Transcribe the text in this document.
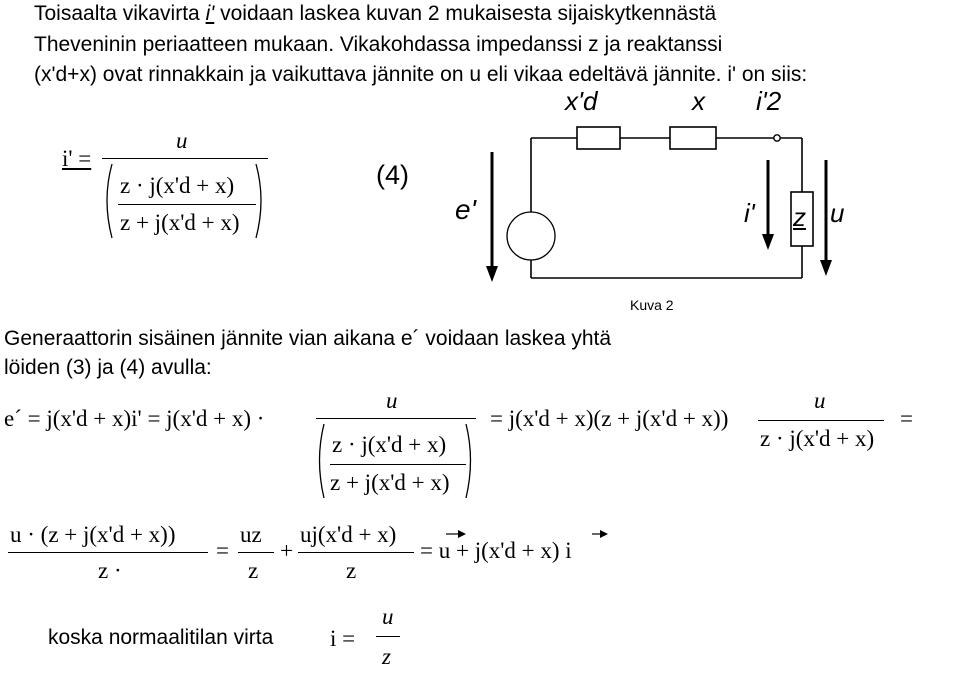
Toisaalta vikavirta i' voidaan laskea kuvan 2 mukaisesta sijaiskytkennästä
Theveninin periaatteen mukaan. Vikakohdassa impedanssi z ja reaktanssi
(x'd+x) ovat rinnakkain ja vaikuttava jännite on u eli vikaa edeltävä jännite. i' on siis:
i' =
u
z · j(x'd + x)
z + j(x'd + x)
(4)
x'd	x i'2
e'	i' z u
Kuva 2
Generaattorin sisäinen jännite vian aikana e´ voidaan laskea yhtä
löiden (3) ja (4) avulla:
e´ = j(x'd + x)i' = j(x'd + x) ·
u
z · j(x'd + x)
z + j(x'd + x)
= j(x'd + x)(z + j(x'd + x))
u
z · j(x'd + x)
=
u · (z + j(x'd + x))
z ·
=
uz
z
+
uj(x'd + x)
z
= u + j(x'd + x) i
koska normaalitilan virta i =
u
z
